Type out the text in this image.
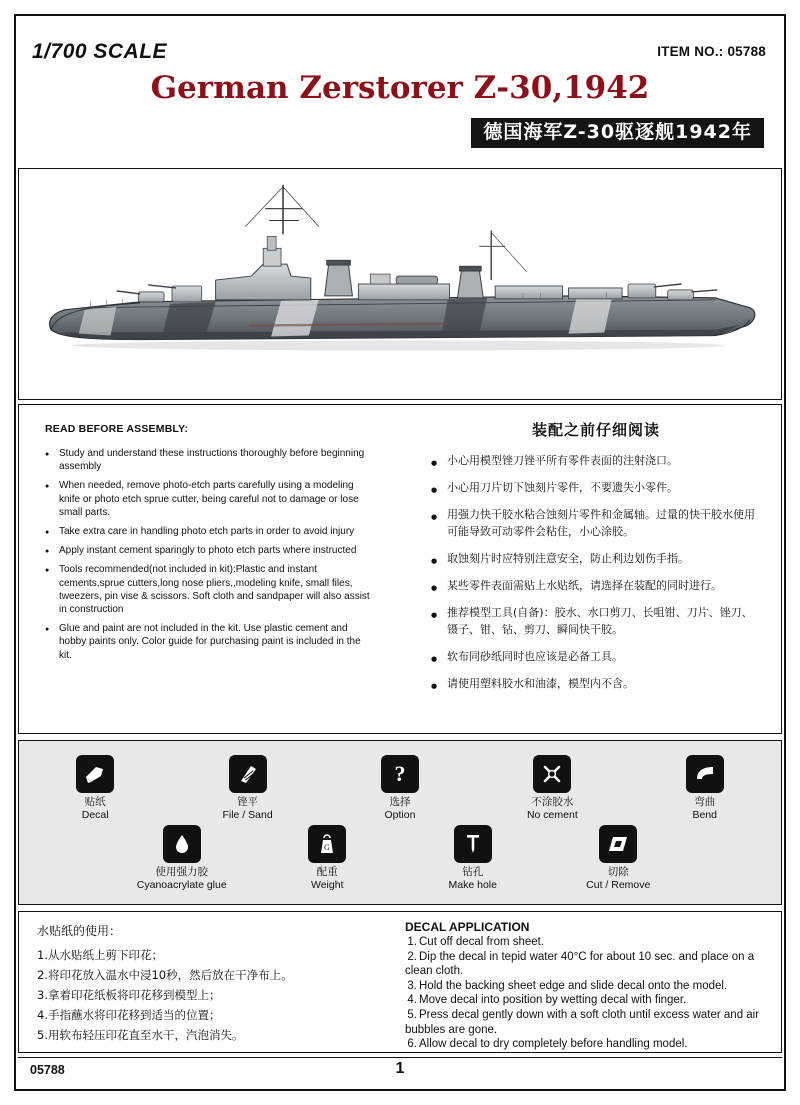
1/700 SCALE	ITEM NO.: 05788
German Zerstorer Z-30,1942
德国海军Z-30驱逐舰1942年
READ BEFORE ASSEMBLY:
● Study and understand these instructions thoroughly before beginning assembly
● When needed, remove photo-etch parts carefully using a modeling knife or photo etch sprue cutter, being careful not to damage or lose small parts.
● Take extra care in handling photo etch parts in order to avoid injury
● Apply instant cement sparingly to photo etch parts where instructed
● Tools recommended(not included in kit):Plastic and instant cements,sprue cutters,long nose pliers,,modeling knife, small files, tweezers, pin vise & scissors. Soft cloth and sandpaper will also assist in construction
● Glue and paint are not included in the kit. Use plastic cement and hobby paints only. Color guide for purchasing paint is included in the kit.
装配之前仔细阅读
● 小心用模型锉刀锉平所有零件表面的注射浇口。
● 小心用刀片切下蚀刻片零件，不要遗失小零件。
● 用强力快干胶水粘合蚀刻片零件和金属轴。过量的快干胶水使用可能导致可动零件会粘住，小心涂胶。
● 取蚀刻片时应特别注意安全，防止利边划伤手指。
● 某些零件表面需贴上水贴纸，请选择在装配的同时进行。
● 推荐模型工具(自备)：胶水、水口剪刀、长咀钳、刀片、锉刀、镊子、钳、钻、剪刀、瞬间快干胶。
● 软布同砂纸同时也应该是必备工具。
● 请使用塑料胶水和油漆，模型内不含。
贴纸
Decal
锉平
File / Sand
?
选择
Option
不涂胶水
No cement
弯曲
Bend
使用强力胶
Cyanoacrylate glue
G
配重
Weight
钻孔
Make hole
切除
Cut / Remove
水贴纸的使用：
1.从水贴纸上剪下印花；
2.将印花放入温水中浸10秒，然后放在干净布上。
3.拿着印花纸板将印花移到模型上；
4.手指蘸水将印花移到适当的位置；
5.用软布轻压印花直至水干，汽泡消失。
DECAL APPLICATION
1. Cut off decal from sheet.
2. Dip the decal in tepid water 40°C for about 10 sec. and place on a clean cloth.
3. Hold the backing sheet edge and slide decal onto the model.
4. Move decal into position by wetting decal with finger.
5. Press decal gently down with a soft cloth until excess water and air bubbles are gone.
6. Allow decal to dry completely before handling model.
05788	1
